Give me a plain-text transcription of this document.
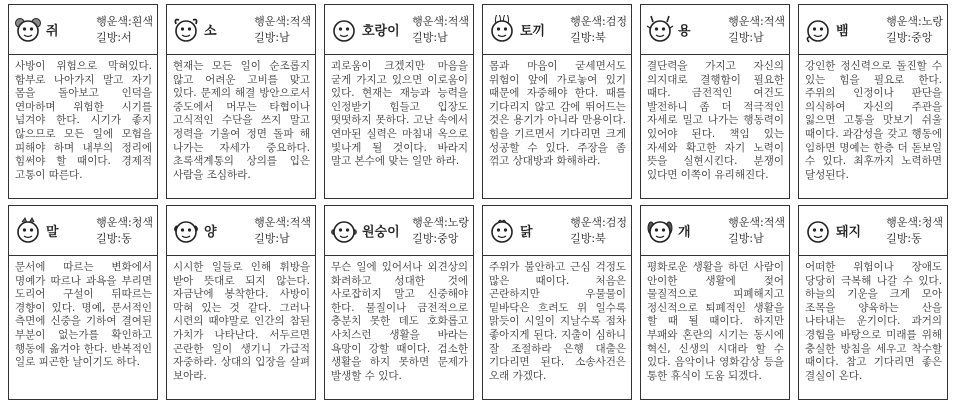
쥐
행운색:흰색
길방:서
사방이 위험으로 막혀있다. 함부로 나아가지 말고 자기 몸을 돌아보고 인덕을 연마하며 위험한 시기를 넘겨야 한다. 시기가 좋지 않으므로 모든 일에 모험을 피해야 하며 내부의 정리에 힘써야 할 때이다. 경제적 고통이 따른다.
소
행운색:적색
길방:남
현재는 모든 일이 순조롭지 않고 어려운 고비를 맞고 있다. 문제의 해결 방안으로서 중도에서 머무는 타협이나 고식적인 수단을 쓰지 말고 정력을 기울여 정면 돌파 해 나가는 자세가 중요하다. 초록색계통의 상의를 입은 사람을 조심하라.
호랑이
행운색:적색
길방:남
괴로움이 크겠지만 마음을 굳게 가지고 있으면 이로움이 있다. 현재는 재능과 능력을 인정받기 힘들고 입장도 떳떳하지 못하다. 고난 속에서 연마된 실력은 마침내 옥으로 빛나게 될 것이다. 바라지 말고 본수에 맞는 일만 하라.
토끼
행운색:검정
길방:북
몸과 마음이 굳세면서도 위험이 앞에 가로놓여 있기 때문에 자중해야 한다. 때를 기다리지 않고 감에 뛰어드는 것은 용기가 아니라 만용이다. 힘을 기르면서 기다리면 크게 성공할 수 있다. 주장을 좀 꺾고 상대방과 화해하라.
용
행운색:적색
길방:남
결단력을 가지고 자신의 의지대로 결행함이 필요한 때다. 금전적인 여건도 발전하니 좀 더 적극적인 자세로 밀고 나가는 행동력이 있어야 된다. 책임 있는 자세와 확고한 자기 노력이 뜻을 실현시킨다. 분쟁이 있다면 이쪽이 유리해진다.
뱀
행운색:노랑
길방:중앙
강인한 정신력으로 돌진할 수 있는 힘을 필요로 한다. 주위의 인정이나 판단을 의식하여 자신의 주관을 잃으면 고통을 맛보기 쉬울 때이다. 과감성을 갖고 행동에 임하면 명예는 한층 더 돋보일 수 있다. 최후까지 노력하면 달성된다.
말
행운색:청색
길방:동
문서에 따르는 변화에서 명예가 따르나 과욕을 부리면 도리어 구설이 뒤따르는 경향이 있다. 명예, 문서적인 측면에 신중을 기하여 결여된 부분이 없는가를 확인하고 행동에 옮겨야 한다. 반복적인 일로 피곤한 날이기도 하다.
양
행운색:적색
길방:남
시시한 일들로 인해 휘방을 받아 뜻대로 되지 않는다. 자금난에 봉착한다. 사방이 막혀 있는 것 같다. 그러나 시련의 때야말로 인간의 참된 가치가 나타난다. 서두르면 곤란한 일이 생기니 가급적 자중하라. 상대의 입장을 살펴 보아라.
원숭이
행운색:노랑
길방:중앙
무슨 일에 있어서나 외견상의 화려하고 성대한 것에 사로잡히지 말고 신중해야 한다. 물질이나 금전적으로 충분치 못한 데도 호화롭고 사치스런 생활을 바라는 욕망이 강할 때이다. 검소한 생활을 하지 못하면 문제가 발생할 수 있다.
닭
행운색:검정
길방:북
주위가 불안하고 근심 걱정도 많은 때이다. 처음은 곤란하지만 우물물이 밑바닥은 흐려도 위 일수록 맑듯이 시일이 지날수록 점차 좋아지게 된다. 지출이 심하니 잘 조절하라 은행 대출은 기다리면 된다. 소송사건은 오래 가겠다.
개
행운색:적색
길방:남
평화로운 생활을 하던 사람이 안이한 생활에 젖어 물질적으로 피폐해지고 정신적으로 퇴폐적인 생활을 할 때 될 때이다. 하지만 부패와 혼란의 시기는 동시에 혁신, 신생의 시대라 할 수 있다. 음악이나 영화감상 등을 통한 휴식이 도움 되겠다.
돼지
행운색:청색
길방:동
어떠한 위험이나 장애도 당당히 극복해 나갈 수 있다. 하늘의 기운을 크게 모아 조목을 양육하는 산을 나타내는 운기이다. 과거의 경험을 바탕으로 미래를 위해 충실한 방침을 세우고 착수할 때이다. 참고 기다리면 좋은 결실이 온다.
